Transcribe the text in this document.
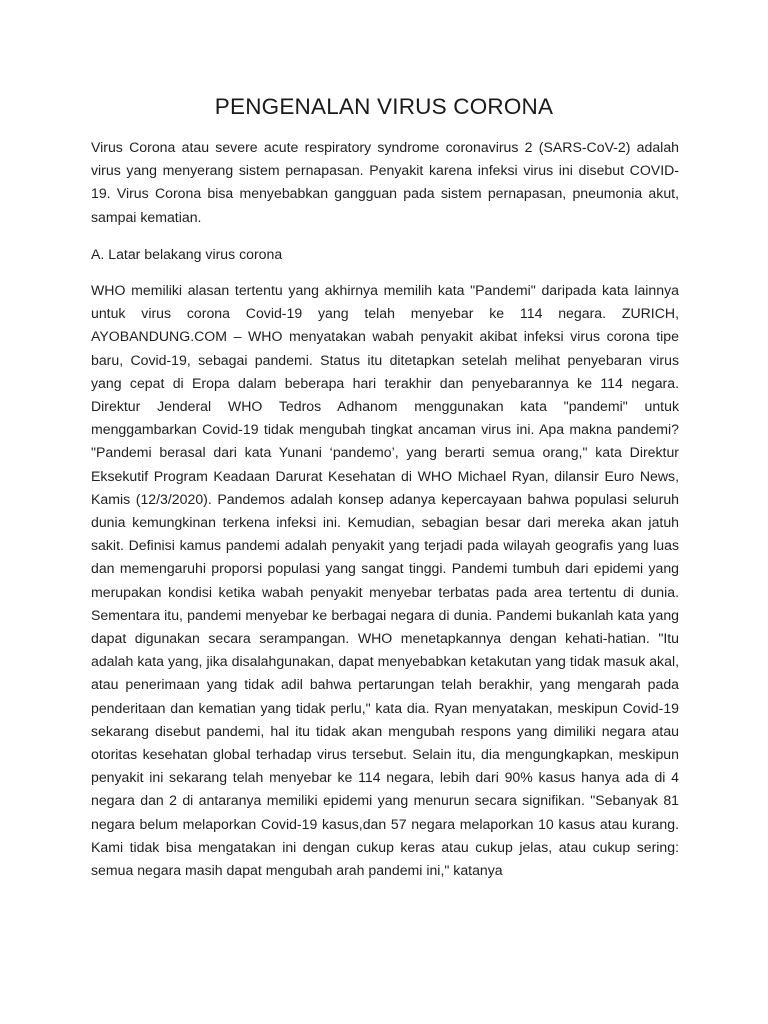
PENGENALAN VIRUS CORONA

Virus Corona atau severe acute respiratory syndrome coronavirus 2 (SARS-CoV-2) adalah virus yang menyerang sistem pernapasan. Penyakit karena infeksi virus ini disebut COVID-19. Virus Corona bisa menyebabkan gangguan pada sistem pernapasan, pneumonia akut, sampai kematian.

A. Latar belakang virus corona

WHO memiliki alasan tertentu yang akhirnya memilih kata "Pandemi" daripada kata lainnya untuk virus corona Covid-19 yang telah menyebar ke 114 negara. ZURICH, AYOBANDUNG.COM – WHO menyatakan wabah penyakit akibat infeksi virus corona tipe baru, Covid-19, sebagai pandemi. Status itu ditetapkan setelah melihat penyebaran virus yang cepat di Eropa dalam beberapa hari terakhir dan penyebarannya ke 114 negara. Direktur Jenderal WHO Tedros Adhanom menggunakan kata "pandemi" untuk menggambarkan Covid-19 tidak mengubah tingkat ancaman virus ini. Apa makna pandemi? "Pandemi berasal dari kata Yunani ‘pandemo’, yang berarti semua orang," kata Direktur Eksekutif Program Keadaan Darurat Kesehatan di WHO Michael Ryan, dilansir Euro News, Kamis (12/3/2020). Pandemos adalah konsep adanya kepercayaan bahwa populasi seluruh dunia kemungkinan terkena infeksi ini. Kemudian, sebagian besar dari mereka akan jatuh sakit. Definisi kamus pandemi adalah penyakit yang terjadi pada wilayah geografis yang luas dan memengaruhi proporsi populasi yang sangat tinggi. Pandemi tumbuh dari epidemi yang merupakan kondisi ketika wabah penyakit menyebar terbatas pada area tertentu di dunia. Sementara itu, pandemi menyebar ke berbagai negara di dunia. Pandemi bukanlah kata yang dapat digunakan secara serampangan. WHO menetapkannya dengan kehati-hatian. "Itu adalah kata yang, jika disalahgunakan, dapat menyebabkan ketakutan yang tidak masuk akal, atau penerimaan yang tidak adil bahwa pertarungan telah berakhir, yang mengarah pada penderitaan dan kematian yang tidak perlu," kata dia. Ryan menyatakan, meskipun Covid-19 sekarang disebut pandemi, hal itu tidak akan mengubah respons yang dimiliki negara atau otoritas kesehatan global terhadap virus tersebut. Selain itu, dia mengungkapkan, meskipun penyakit ini sekarang telah menyebar ke 114 negara, lebih dari 90% kasus hanya ada di 4 negara dan 2 di antaranya memiliki epidemi yang menurun secara signifikan. "Sebanyak 81 negara belum melaporkan Covid-19 kasus,dan 57 negara melaporkan 10 kasus atau kurang. Kami tidak bisa mengatakan ini dengan cukup keras atau cukup jelas, atau cukup sering: semua negara masih dapat mengubah arah pandemi ini," katanya
